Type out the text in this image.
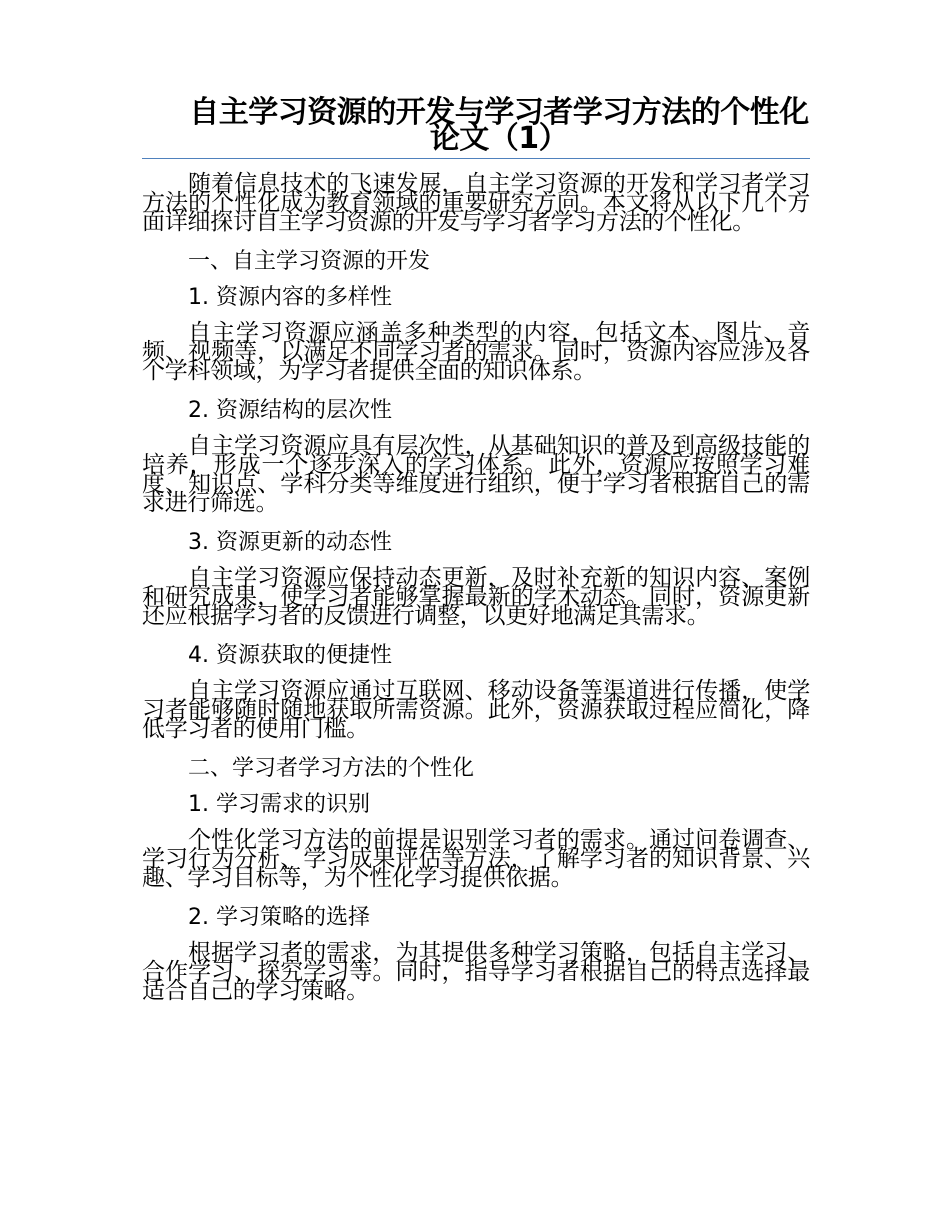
自主学习资源的开发与学习者学习方法的个性化论文（1）

随着信息技术的飞速发展，自主学习资源的开发和学习者学习方法的个性化成为教育领域的重要研究方向。本文将从以下几个方面详细探讨自主学习资源的开发与学习者学习方法的个性化。

一、自主学习资源的开发
1. 资源内容的多样性

自主学习资源应涵盖多种类型的内容，包括文本、图片、音频、视频等，以满足不同学习者的需求。同时，资源内容应涉及各个学科领域，为学习者提供全面的知识体系。

2. 资源结构的层次性

自主学习资源应具有层次性，从基础知识的普及到高级技能的培养，形成一个逐步深入的学习体系。此外，资源应按照学习难度、知识点、学科分类等维度进行组织，便于学习者根据自己的需求进行筛选。

3. 资源更新的动态性

自主学习资源应保持动态更新，及时补充新的知识内容、案例和研究成果，使学习者能够掌握最新的学术动态。同时，资源更新还应根据学习者的反馈进行调整，以更好地满足其需求。

4. 资源获取的便捷性

自主学习资源应通过互联网、移动设备等渠道进行传播，使学习者能够随时随地获取所需资源。此外，资源获取过程应简化，降低学习者的使用门槛。

二、学习者学习方法的个性化
1. 学习需求的识别

个性化学习方法的前提是识别学习者的需求。通过问卷调查、学习行为分析、学习成果评估等方法，了解学习者的知识背景、兴趣、学习目标等，为个性化学习提供依据。

2. 学习策略的选择

根据学习者的需求，为其提供多种学习策略，包括自主学习、合作学习、探究学习等。同时，指导学习者根据自己的特点选择最适合自己的学习策略。
